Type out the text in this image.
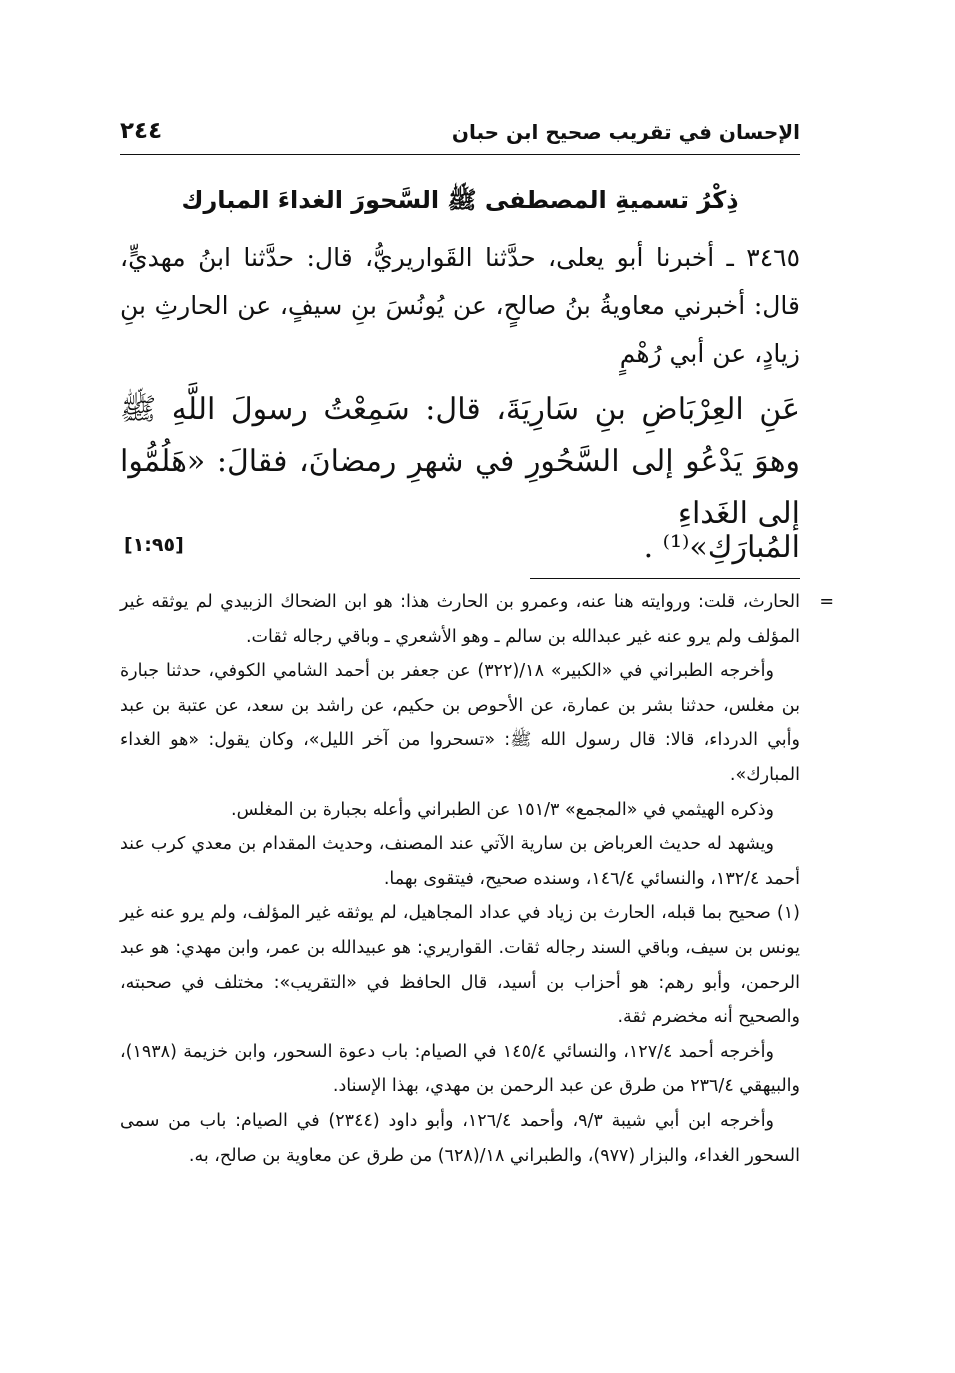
الإحسان في تقريب صحيح ابن حبان
٢٤٤
ذِكْرُ تسميةِ المصطفى ﷺ السَّحورَ الغداءَ المبارك
٣٤٦٥ ـ أخبرنا أبو يعلى، حدَّثنا القَواريريُّ، قال: حدَّثنا ابنُ مهديٍّ، قال: أخبرني معاويةُ بنُ صالحٍ، عن يُونُسَ بنِ سيفٍ، عن الحارثِ بنِ زيادٍ، عن أبي رُهْمٍ
عَنِ العِرْبَاضِ بنِ سَارِيَةَ، قال: سَمِعْتُ رسولَ اللَّهِ ﷺ وهوَ يَدْعُو إلى السَّحُورِ في شهرِ رمضانَ، فقالَ: «هَلُمُّوا إلى الغَداءِ
المُبارَكِ»⁽¹⁾ .
[١:٩٥]

=
الحارث، قلت: وروايته هنا عنه، وعمرو بن الحارث هذا: هو ابن الضحاك الزبيدي لم يوثقه غير المؤلف ولم يرو عنه غير عبدالله بن سالم ـ وهو الأشعري ـ وباقي رجاله ثقات.

وأخرجه الطبراني في «الكبير» ١٨/(٣٢٢) عن جعفر بن أحمد الشامي الكوفي، حدثنا جبارة بن مغلس، حدثنا بشر بن عمارة، عن الأحوص بن حكيم، عن راشد بن سعد، عن عتبة بن عبد وأبي الدرداء، قالا: قال رسول الله ﷺ: «تسحروا من آخر الليل»، وكان يقول: «هو الغداء المبارك».

وذكره الهيثمي في «المجمع» ١٥١/٣ عن الطبراني وأعله بجبارة بن المغلس.

ويشهد له حديث العرباض بن سارية الآتي عند المصنف، وحديث المقدام بن معدي كرب عند أحمد ١٣٢/٤، والنسائي ١٤٦/٤، وسنده صحيح، فيتقوى بهما.

(١) صحيح بما قبله، الحارث بن زياد في عداد المجاهيل، لم يوثقه غير المؤلف، ولم يرو عنه غير يونس بن سيف، وباقي السند رجاله ثقات. القواريري: هو عبيدالله بن عمر، وابن مهدي: هو عبد الرحمن، وأبو رهم: هو أحزاب بن أسيد، قال الحافظ في «التقريب»: مختلف في صحبته، والصحيح أنه مخضرم ثقة.

وأخرجه أحمد ١٢٧/٤، والنسائي ١٤٥/٤ في الصيام: باب دعوة السحور، وابن خزيمة (١٩٣٨)، والبيهقي ٢٣٦/٤ من طرق عن عبد الرحمن بن مهدي، بهذا الإسناد.

وأخرجه ابن أبي شيبة ٩/٣، وأحمد ١٢٦/٤، وأبو داود (٢٣٤٤) في الصيام: باب من سمى السحور الغداء، والبزار (٩٧٧)، والطبراني ١٨/(٦٢٨) من طرق عن معاوية بن صالح، به.
